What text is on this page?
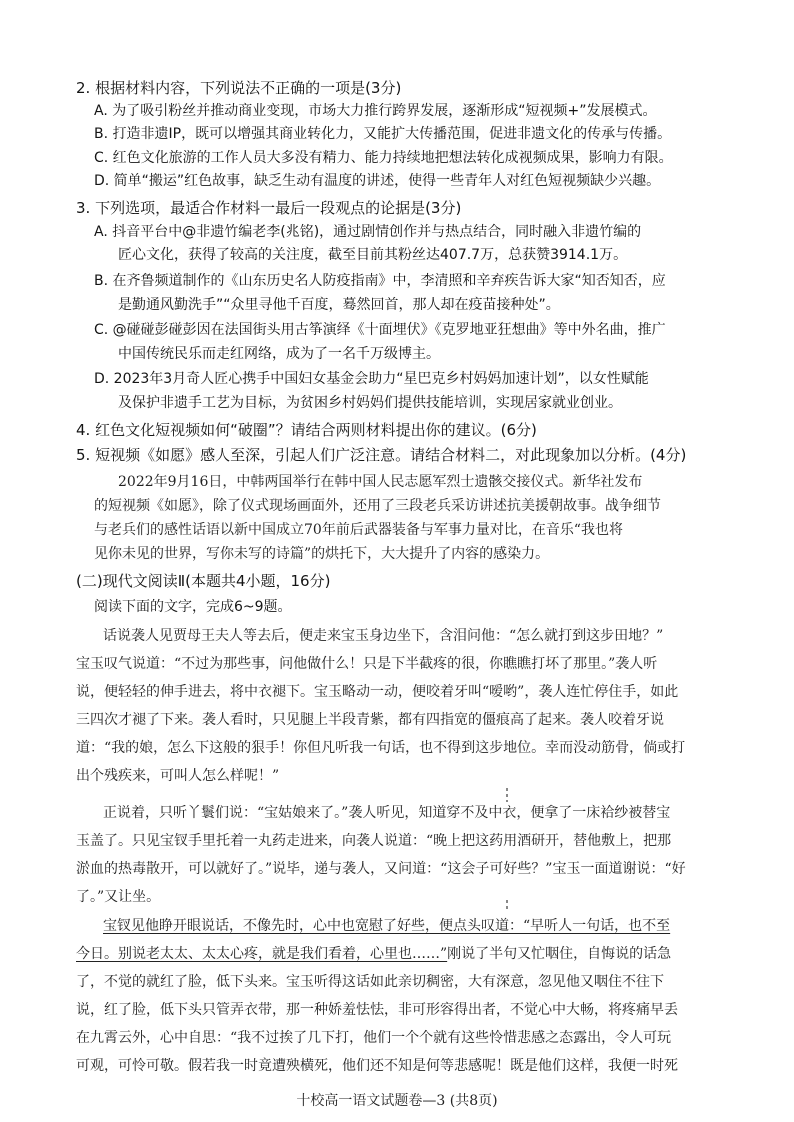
2. 根据材料内容，下列说法不正确的一项是(3分)
A. 为了吸引粉丝并推动商业变现，市场大力推行跨界发展，逐渐形成“短视频+”发展模式。
B. 打造非遗IP，既可以增强其商业转化力，又能扩大传播范围，促进非遗文化的传承与传播。
C. 红色文化旅游的工作人员大多没有精力、能力持续地把想法转化成视频成果，影响力有限。
D. 简单“搬运”红色故事，缺乏生动有温度的讲述，使得一些青年人对红色短视频缺少兴趣。
3. 下列选项，最适合作材料一最后一段观点的论据是(3分)
A. 抖音平台中@非遗竹编老李(兆铭)，通过剧情创作并与热点结合，同时融入非遗竹编的
匠心文化，获得了较高的关注度，截至目前其粉丝达407.7万，总获赞3914.1万。
B. 在齐鲁频道制作的《山东历史名人防疫指南》中，李清照和辛弃疾告诉大家“知否知否，应
是勤通风勤洗手”“众里寻他千百度，蓦然回首，那人却在疫苗接种处”。
C. @碰碰彭碰彭因在法国街头用古筝演绎《十面埋伏》《克罗地亚狂想曲》等中外名曲，推广
中国传统民乐而走红网络，成为了一名千万级博主。
D. 2023年3月奇人匠心携手中国妇女基金会助力“星巴克乡村妈妈加速计划”，以女性赋能
及保护非遗手工艺为目标，为贫困乡村妈妈们提供技能培训，实现居家就业创业。
4. 红色文化短视频如何“破圈”？请结合两则材料提出你的建议。(6分)
5. 短视频《如愿》感人至深，引起人们广泛注意。请结合材料二，对此现象加以分析。(4分)
2022年9月16日，中韩两国举行在韩中国人民志愿军烈士遗骸交接仪式。新华社发布
的短视频《如愿》，除了仪式现场画面外，还用了三段老兵采访讲述抗美援朝故事。战争细节
与老兵们的感性话语以新中国成立70年前后武器装备与军事力量对比，在音乐“我也将
见你未见的世界，写你未写的诗篇”的烘托下，大大提升了内容的感染力。
(二)现代文阅读Ⅱ(本题共4小题，16分)
阅读下面的文字，完成6~9题。
话说袭人见贾母王夫人等去后，便走来宝玉身边坐下，含泪问他：“怎么就打到这步田地？”
宝玉叹气说道：“不过为那些事，问他做什么！只是下半截疼的很，你瞧瞧打坏了那里。”袭人听
说，便轻轻的伸手进去，将中衣褪下。宝玉略动一动，便咬着牙叫“嗳哟”，袭人连忙停住手，如此
三四次才褪了下来。袭人看时，只见腿上半段青紫，都有四指宽的僵痕高了起来。袭人咬着牙说
道：“我的娘，怎么下这般的狠手！你但凡听我一句话，也不得到这步地位。幸而没动筋骨，倘或打
出个残疾来，可叫人怎么样呢！”
正说着，只听丫鬟们说：“宝姑娘来了。”袭人听见，知道穿不及中衣，便拿了一床袷纱被替宝
玉盖了。只见宝钗手里托着一丸药走进来，向袭人说道：“晚上把这药用酒研开，替他敷上，把那
淤血的热毒散开，可以就好了。”说毕，递与袭人，又问道：“这会子可好些？”宝玉一面道谢说：“好
了。”又让坐。
宝钗见他睁开眼说话，不像先时，心中也宽慰了好些，便点头叹道：“早听人一句话，也不至
今日。别说老太太、太太心疼，就是我们看着，心里也……”刚说了半句又忙咽住，自悔说的话急
了，不觉的就红了脸，低下头来。宝玉听得这话如此亲切稠密，大有深意，忽见他又咽住不往下
说，红了脸，低下头只管弄衣带，那一种娇羞怯怯，非可形容得出者，不觉心中大畅，将疼痛早丢
在九霄云外，心中自思：“我不过挨了几下打，他们一个个就有这些怜惜悲感之态露出，令人可玩
可观，可怜可敬。假若我一时竟遭殃横死，他们还不知是何等悲感呢！既是他们这样，我便一时死
十校高一语文试题卷—3 (共8页)
